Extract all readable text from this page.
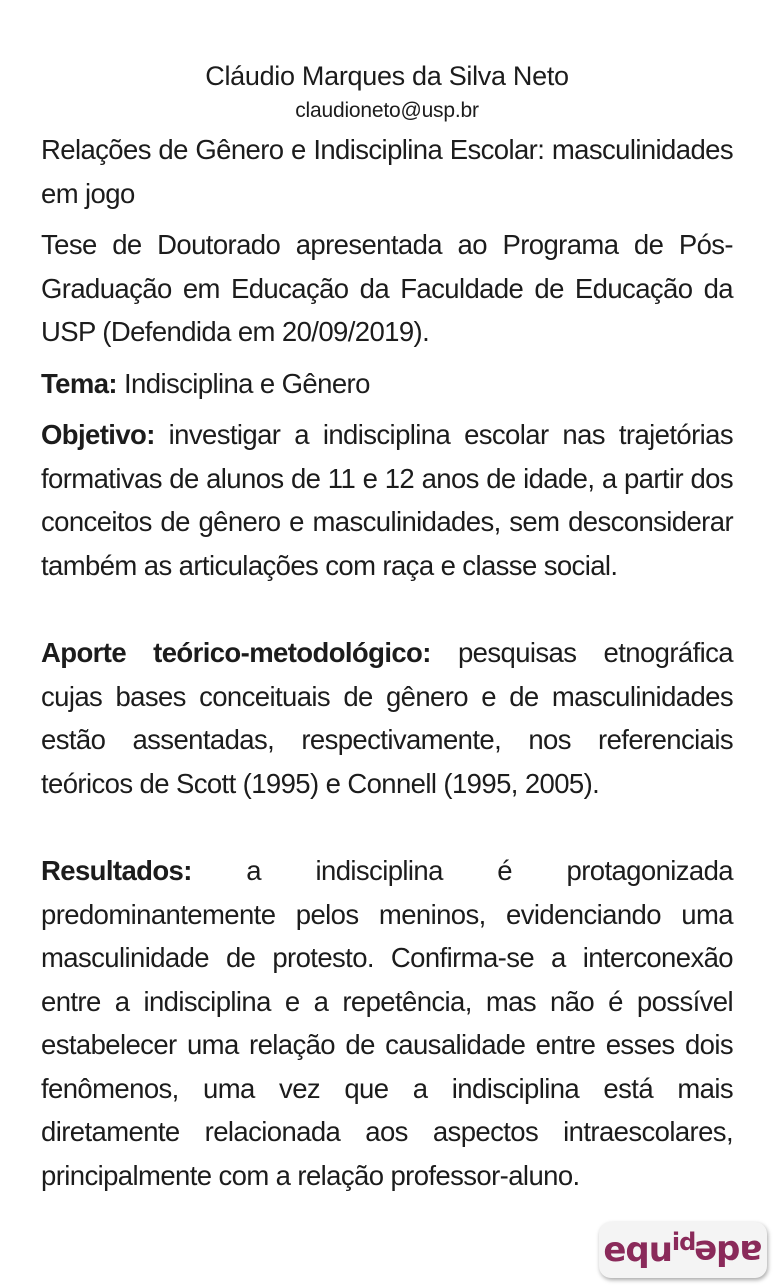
Cláudio Marques da Silva Neto

claudioneto@usp.br

Relações de Gênero e Indisciplina Escolar: masculinidades em jogo

Tese de Doutorado apresentada ao Programa de Pós-Graduação em Educação da Faculdade de Educação da USP (Defendida em 20/09/2019).

Tema: Indisciplina e Gênero

Objetivo: investigar a indisciplina escolar nas trajetórias formativas de alunos de 11 e 12 anos de idade, a partir dos conceitos de gênero e masculinidades, sem desconsiderar também as articulações com raça e classe social.

Aporte teórico-metodológico: pesquisas etnográfica cujas bases conceituais de gênero e de masculinidades estão assentadas, respectivamente, nos referenciais teóricos de Scott (1995) e Connell (1995, 2005).

Resultados: a indisciplina é protagonizada predominantemente pelos meninos, evidenciando uma masculinidade de protesto. Confirma-se a interconexão entre a indisciplina e a repetência, mas não é possível estabelecer uma relação de causalidade entre esses dois fenômenos, uma vez que a indisciplina está mais diretamente relacionada aos aspectos intraescolares, principalmente com a relação professor-aluno.

equ id ade
